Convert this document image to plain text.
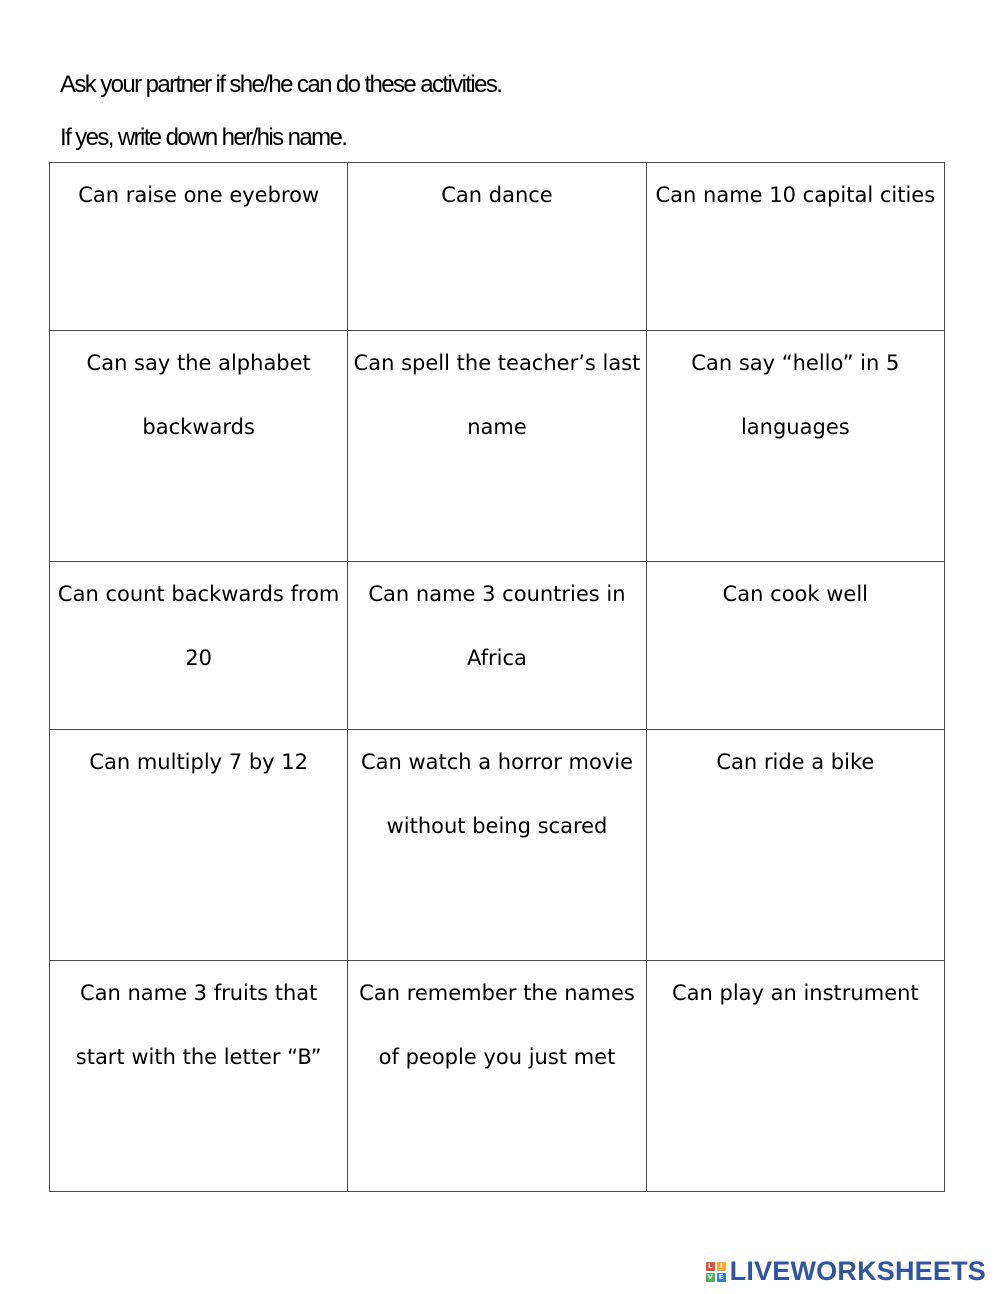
Ask your partner if she/he can do these activities.
If yes, write down her/his name.
Can raise one eyebrow	Can dance	Can name 10 capital cities

Can say the alphabet backwards	Can spell the teacher’s last name	Can say “hello” in 5 languages

Can count backwards from 20	Can name 3 countries in Africa	Can cook well

Can multiply 7 by 12	Can watch a horror movie without being scared	Can ride a bike

Can name 3 fruits that start with the letter “B”	Can remember the names of people you just met	Can play an instrument
L	I
V E LIVEWORKSHEETS
